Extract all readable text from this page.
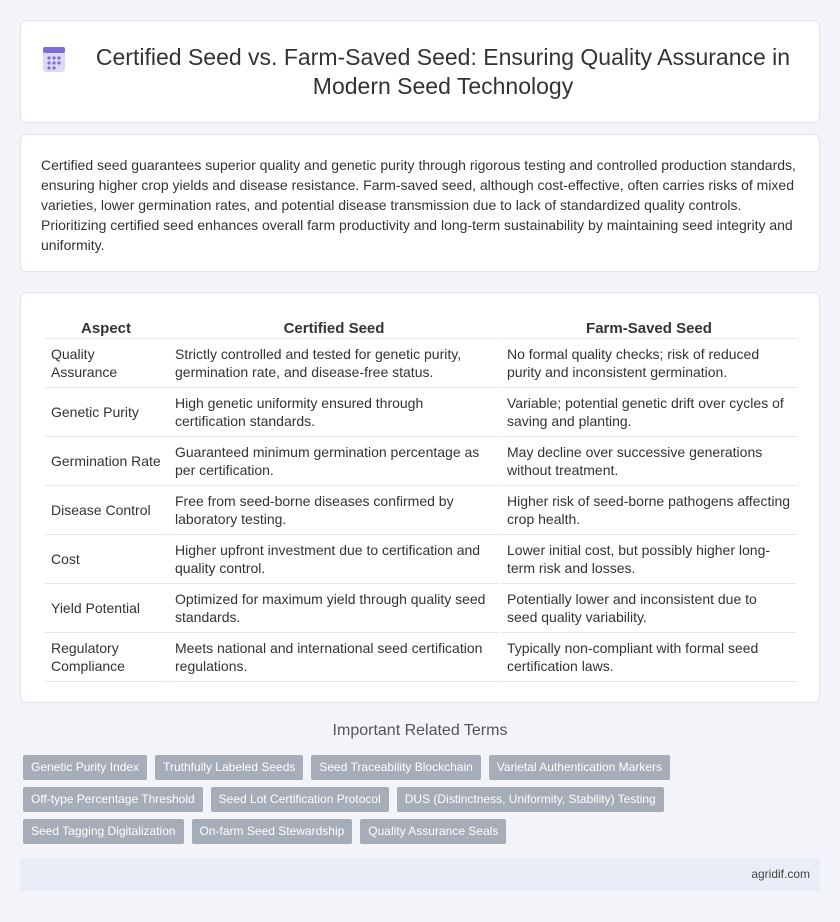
Certified Seed vs. Farm-Saved Seed: Ensuring Quality Assurance in Modern Seed Technology

Certified seed guarantees superior quality and genetic purity through rigorous testing and controlled production standards, ensuring higher crop yields and disease resistance. Farm-saved seed, although cost-effective, often carries risks of mixed varieties, lower germination rates, and potential disease transmission due to lack of standardized quality controls. Prioritizing certified seed enhances overall farm productivity and long-term sustainability by maintaining seed integrity and uniformity.

Aspect	Certified Seed	Farm-Saved Seed
Quality Assurance	Strictly controlled and tested for genetic purity, germination rate, and disease-free status.	No formal quality checks; risk of reduced purity and inconsistent germination.
Genetic Purity	High genetic uniformity ensured through certification standards.	Variable; potential genetic drift over cycles of saving and planting.
Germination Rate	Guaranteed minimum germination percentage as per certification.	May decline over successive generations without treatment.
Disease Control	Free from seed-borne diseases confirmed by laboratory testing.	Higher risk of seed-borne pathogens affecting crop health.
Cost	Higher upfront investment due to certification and quality control.	Lower initial cost, but possibly higher long-term risk and losses.
Yield Potential	Optimized for maximum yield through quality seed standards.	Potentially lower and inconsistent due to seed quality variability.
Regulatory Compliance	Meets national and international seed certification regulations.	Typically non-compliant with formal seed certification laws.
Important Related Terms
Genetic Purity Index	Truthfully Labeled Seeds	Seed Traceability Blockchain	Varietal Authentication Markers
Off-type Percentage Threshold	Seed Lot Certification Protocol	DUS (Distinctness, Uniformity, Stability) Testing
Seed Tagging Digitalization	On-farm Seed Stewardship	Quality Assurance Seals
agridif.com
